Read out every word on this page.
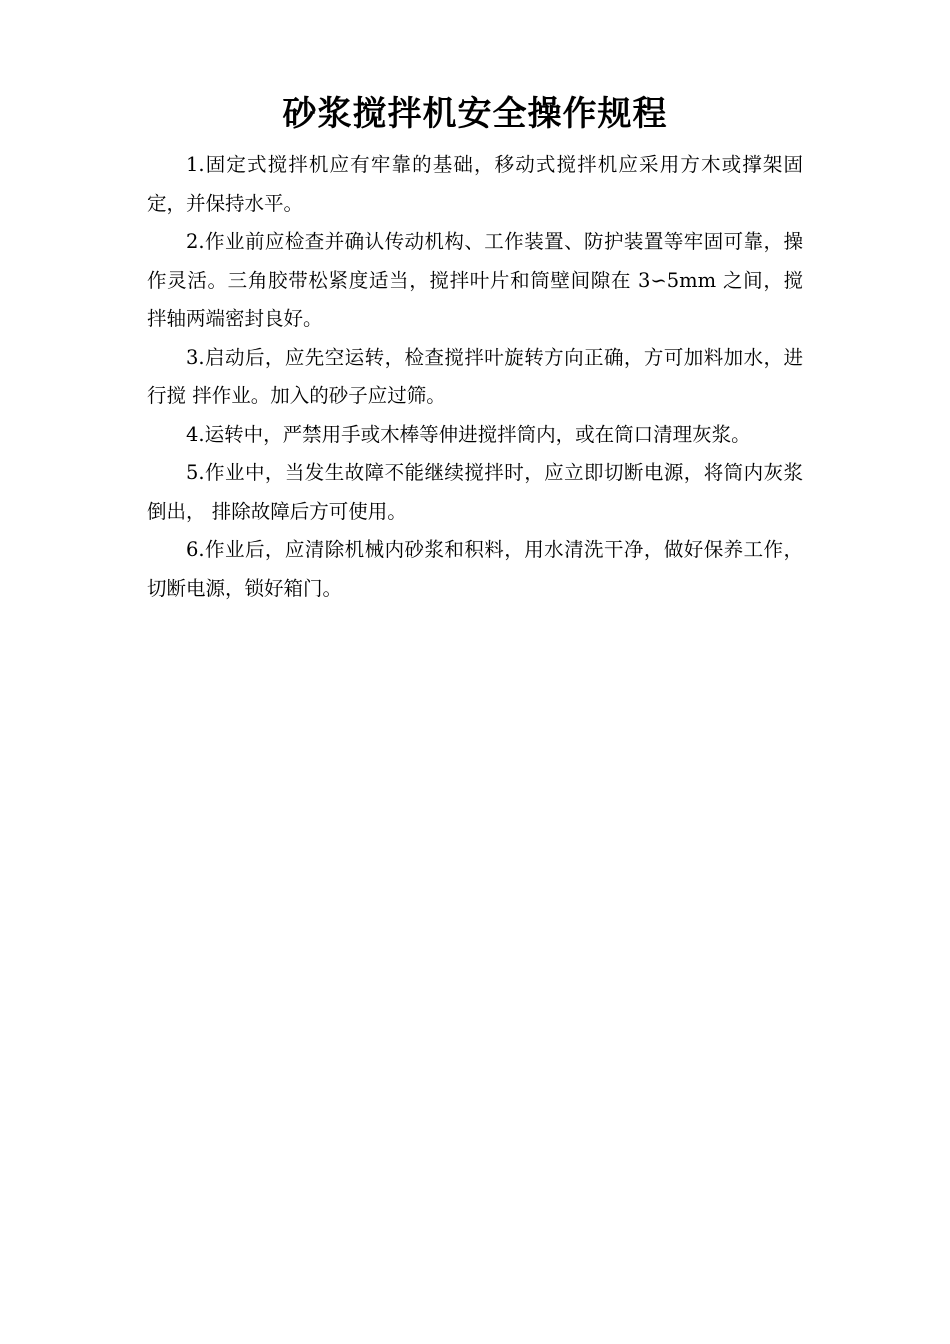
砂浆搅拌机安全操作规程

1.固定式搅拌机应有牢靠的基础，移动式搅拌机应采用方木或撑架固定，并保持水平。

2.作业前应检查并确认传动机构、工作装置、防护装置等牢固可靠，操作灵活。三角胶带松紧度适当，搅拌叶片和筒壁间隙在 3∽5mm 之间，搅拌轴两端密封良好。

3.启动后，应先空运转，检查搅拌叶旋转方向正确，方可加料加水，进行搅 拌作业。加入的砂子应过筛。

4.运转中，严禁用手或木棒等伸进搅拌筒内，或在筒口清理灰浆。

5.作业中，当发生故障不能继续搅拌时，应立即切断电源，将筒内灰浆倒出， 排除故障后方可使用。

6.作业后，应清除机械内砂浆和积料，用水清洗干净，做好保养工作，切断电源，锁好箱门。
